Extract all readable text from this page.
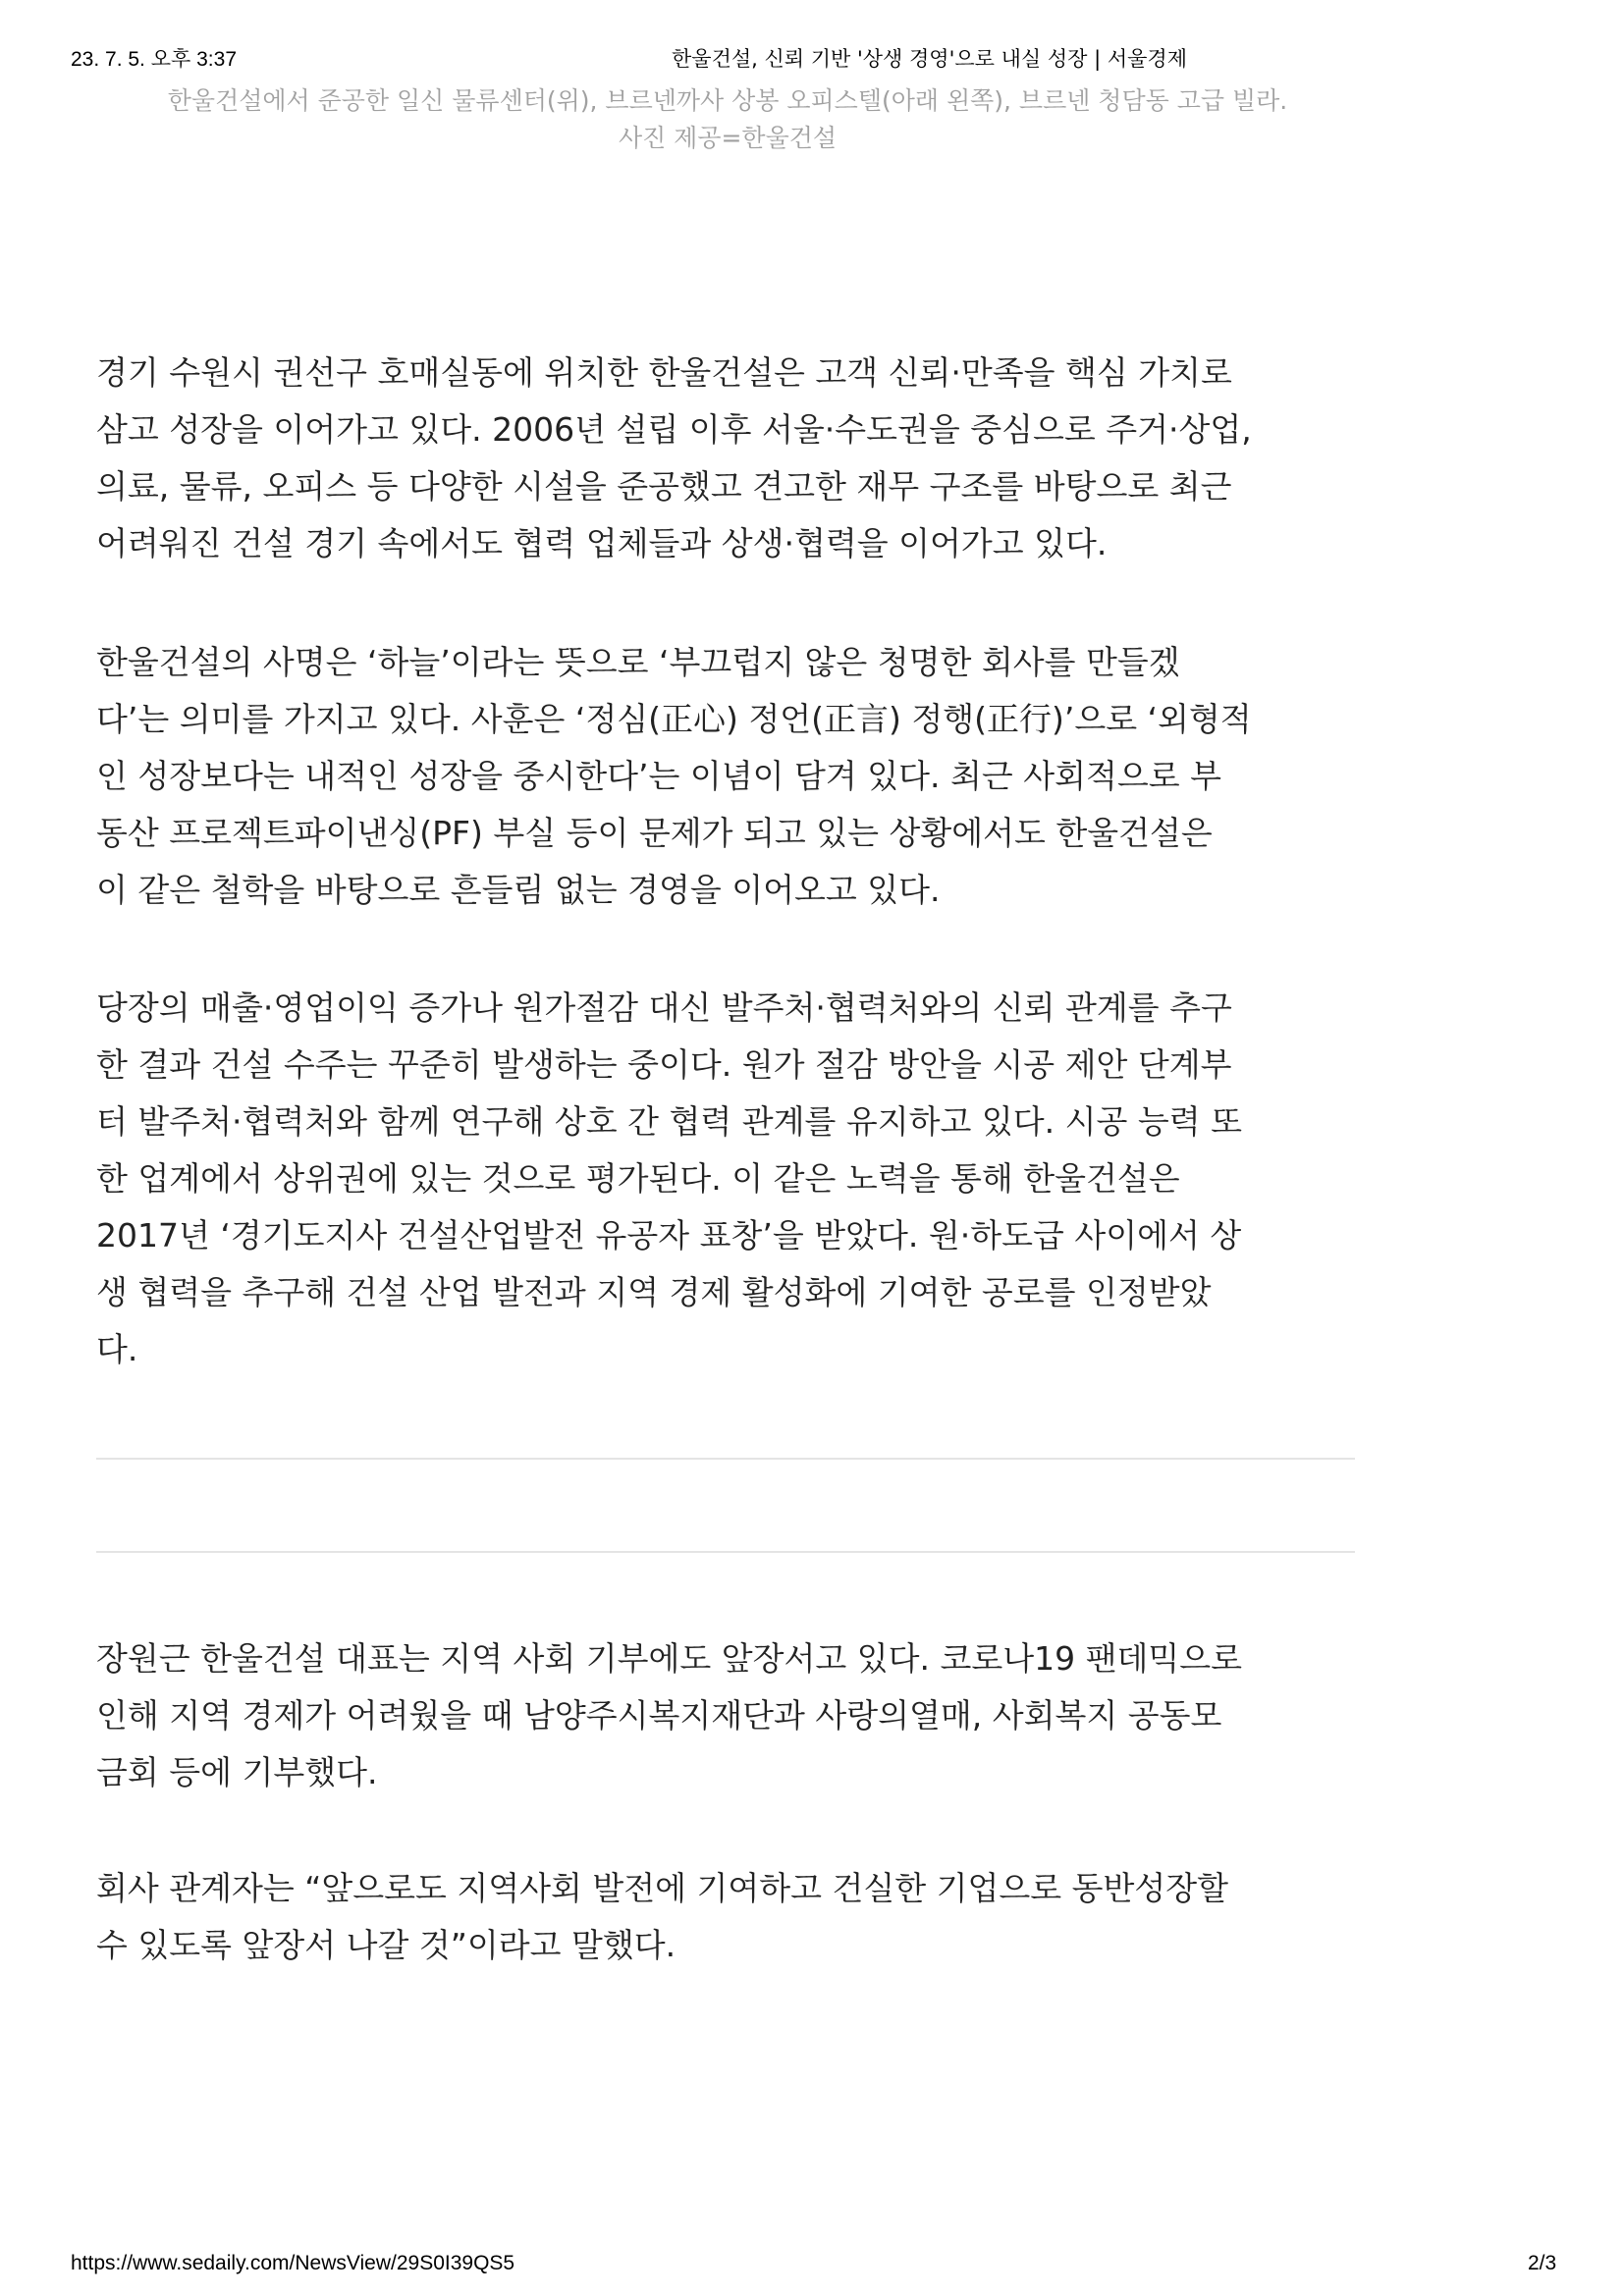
23. 7. 5. 오후 3:37	한울건설, 신뢰 기반 '상생 경영'으로 내실 성장 | 서울경제
한울건설에서 준공한 일신 물류센터(위), 브르넨까사 상봉 오피스텔(아래 왼쪽), 브르넨 청담동 고급 빌라.
사진 제공=한울건설
경기 수원시 권선구 호매실동에 위치한 한울건설은 고객 신뢰·만족을 핵심 가치로
삼고 성장을 이어가고 있다. 2006년 설립 이후 서울·수도권을 중심으로 주거·상업,
의료, 물류, 오피스 등 다양한 시설을 준공했고 견고한 재무 구조를 바탕으로 최근
어려워진 건설 경기 속에서도 협력 업체들과 상생·협력을 이어가고 있다.
한울건설의 사명은 ‘하늘’이라는 뜻으로 ‘부끄럽지 않은 청명한 회사를 만들겠
다’는 의미를 가지고 있다. 사훈은 ‘정심(正心) 정언(正言) 정행(正行)’으로 ‘외형적
인 성장보다는 내적인 성장을 중시한다’는 이념이 담겨 있다. 최근 사회적으로 부
동산 프로젝트파이낸싱(PF) 부실 등이 문제가 되고 있는 상황에서도 한울건설은
이 같은 철학을 바탕으로 흔들림 없는 경영을 이어오고 있다.
당장의 매출·영업이익 증가나 원가절감 대신 발주처·협력처와의 신뢰 관계를 추구
한 결과 건설 수주는 꾸준히 발생하는 중이다. 원가 절감 방안을 시공 제안 단계부
터 발주처·협력처와 함께 연구해 상호 간 협력 관계를 유지하고 있다. 시공 능력 또
한 업계에서 상위권에 있는 것으로 평가된다. 이 같은 노력을 통해 한울건설은
2017년 ‘경기도지사 건설산업발전 유공자 표창’을 받았다. 원·하도급 사이에서 상
생 협력을 추구해 건설 산업 발전과 지역 경제 활성화에 기여한 공로를 인정받았
다.
장원근 한울건설 대표는 지역 사회 기부에도 앞장서고 있다. 코로나19 팬데믹으로
인해 지역 경제가 어려웠을 때 남양주시복지재단과 사랑의열매, 사회복지 공동모
금회 등에 기부했다.
회사 관계자는 “앞으로도 지역사회 발전에 기여하고 건실한 기업으로 동반성장할
수 있도록 앞장서 나갈 것”이라고 말했다.
https://www.sedaily.com/NewsView/29S0I39QS5	2/3
